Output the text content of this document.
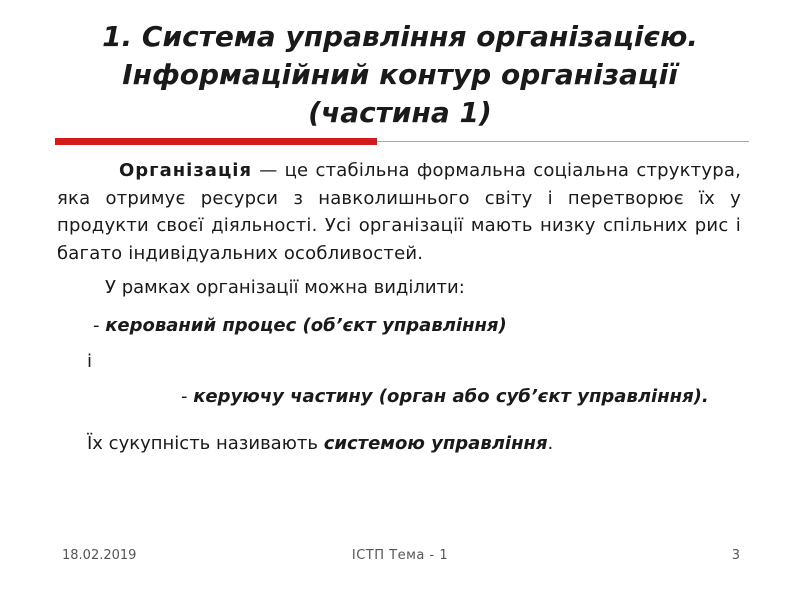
1. Система управління організацією.
Інформаційний контур організації
(частина 1)

Організація — це стабільна формальна соціальна структура, яка отримує ресурси з навколишнього світу і перетворює їх у продукти своєї діяльності. Усі організації мають низку спільних рис і багато індивідуальних особливостей.

У рамках організації можна виділити:

- керований процес (об’єкт управління)

і

- керуючу частину (орган або суб’єкт управління).

Їх сукупність називають системою управління.

18.02.2019	ІСТП Тема - 1	3
